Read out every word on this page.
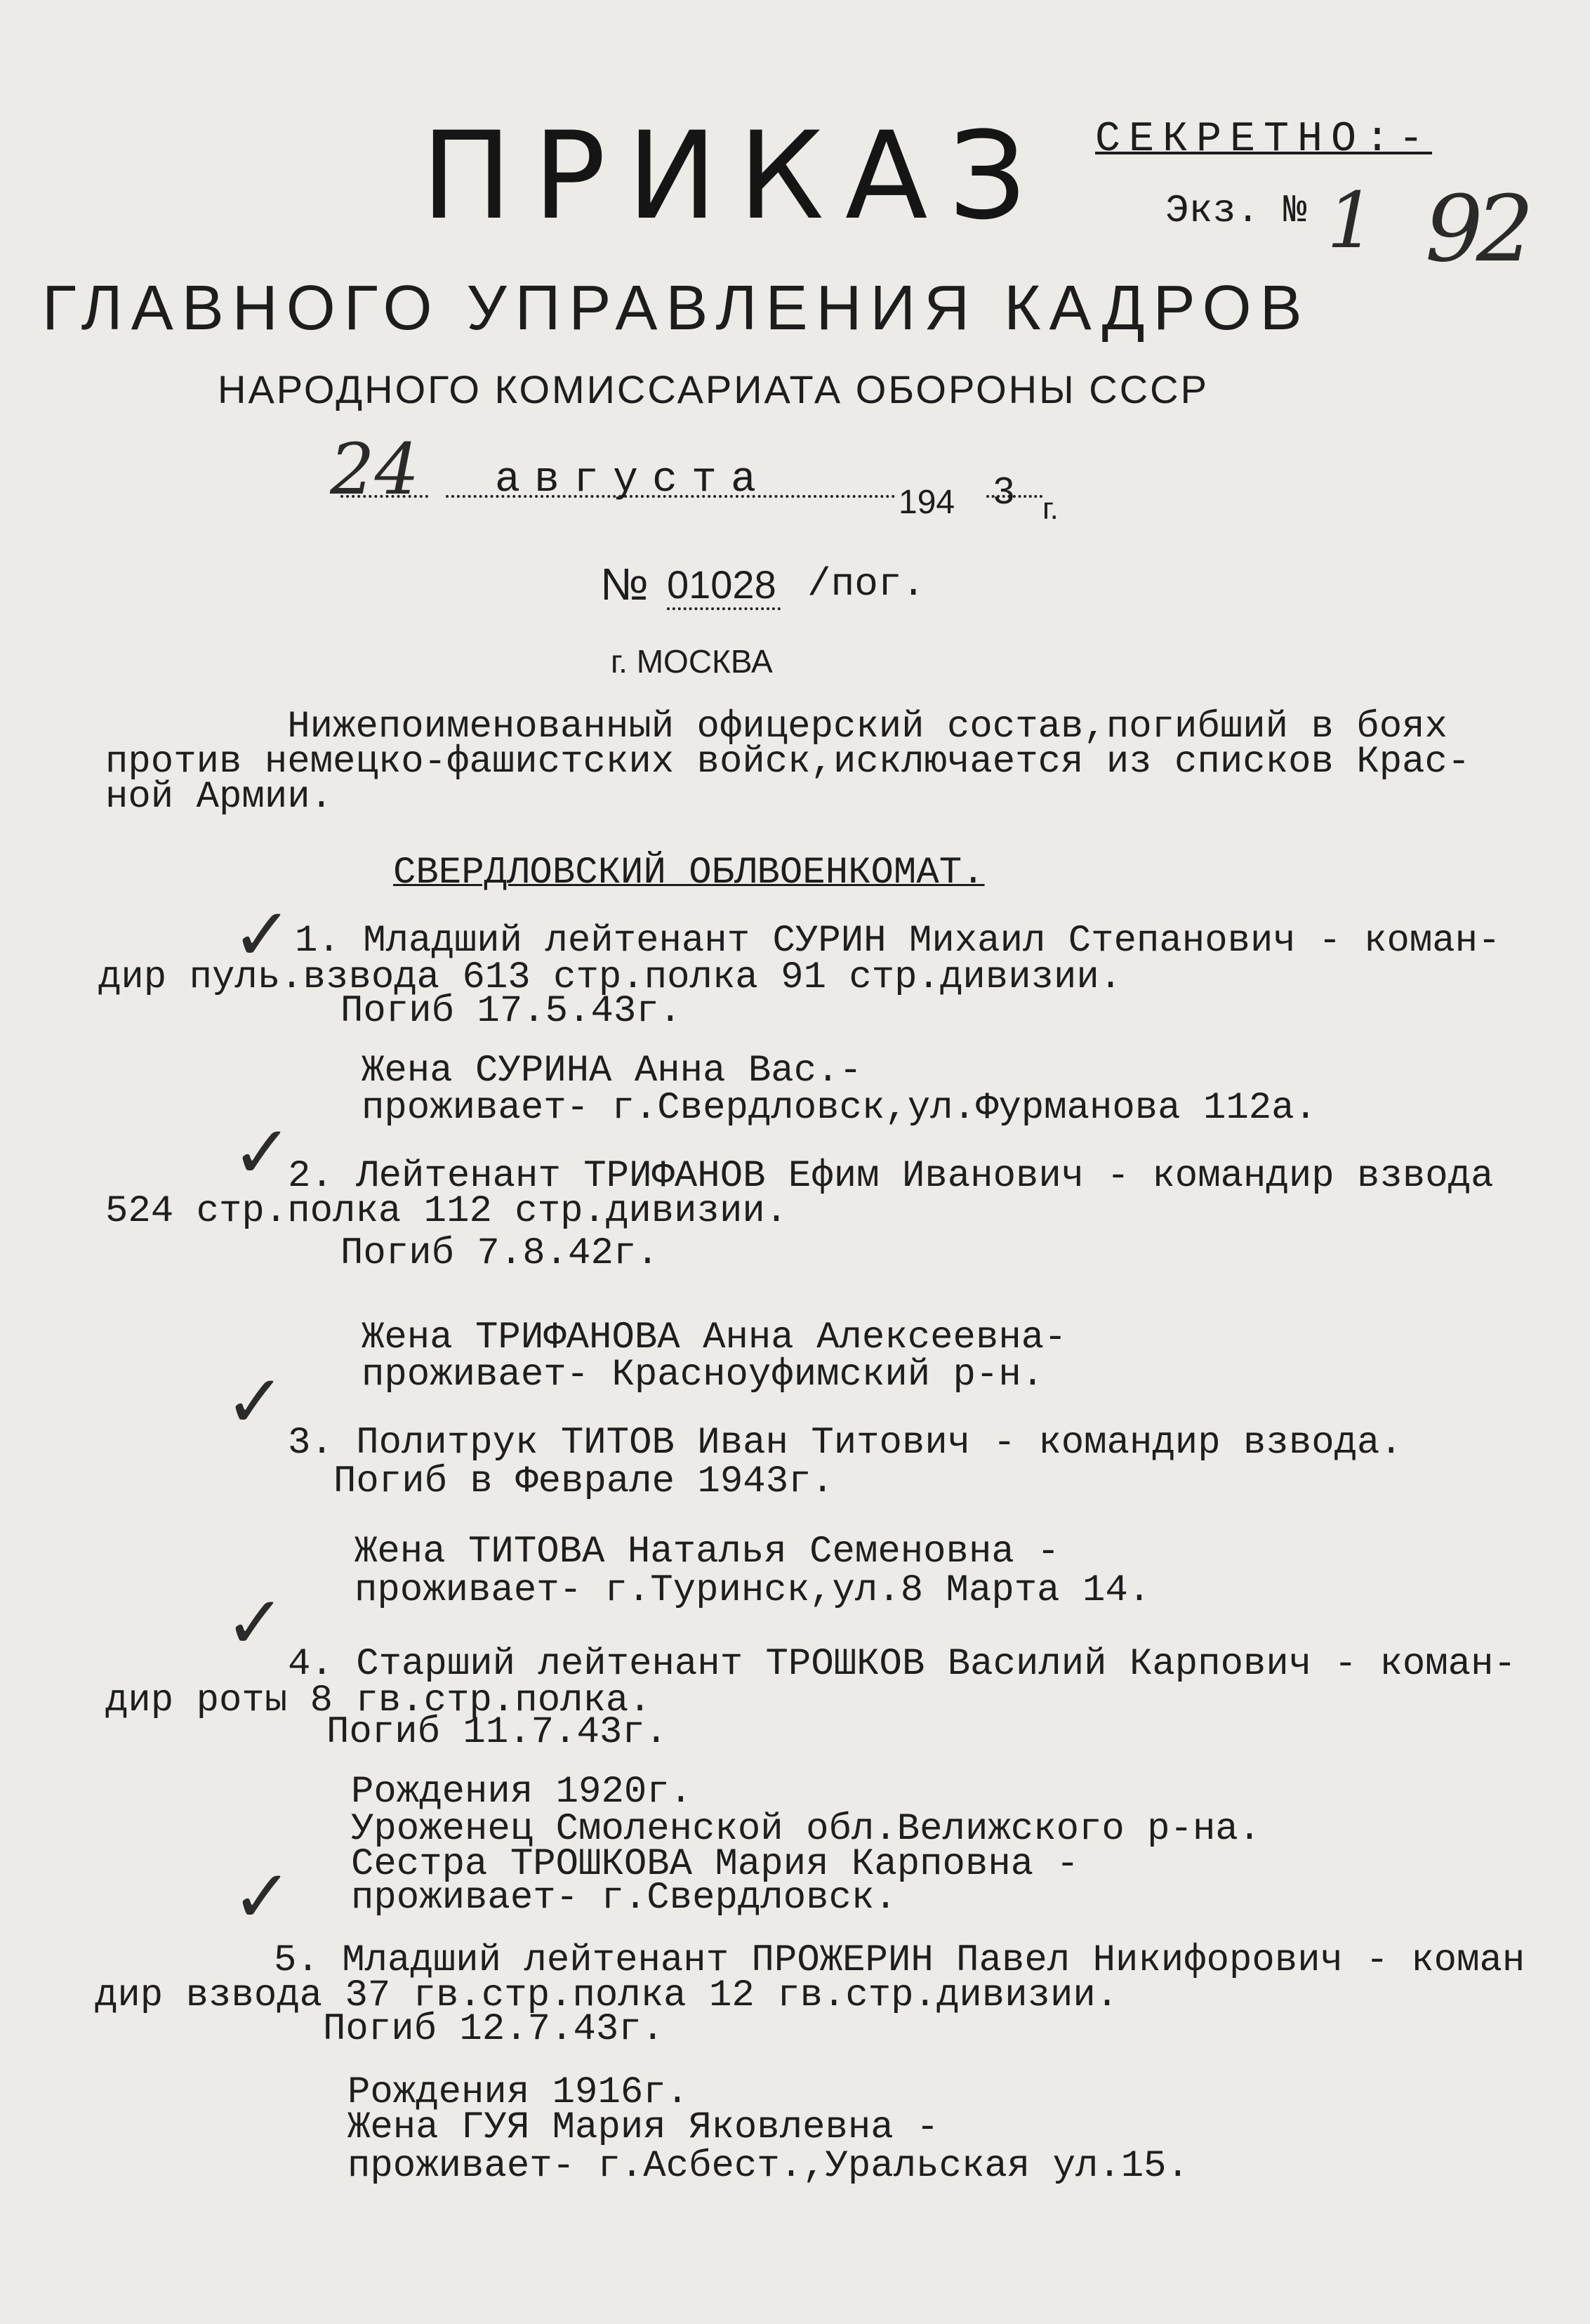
ПРИКАЗ СЕКРЕТНО:-
Экз. № 1 92
ГЛАВНОГО УПРАВЛЕНИЯ КАДРОВ
НАРОДНОГО КОМИССАРИАТА ОБОРОНЫ СССР
24 августа	194 3 г.
№ 01028 /пог.
г. МОСКВА
Нижепоименованный офицерский состав,погибший в боях
против немецко-фашистских войск,исключается из списков Крас-
ной Армии.
СВЕРДЛОВСКИЙ ОБЛВОЕНКОМАТ.
✓ 1. Младший лейтенант СУРИН Михаил Степанович - коман-
дир пуль.взвода 613 стр.полка 91 стр.дивизии.
Погиб 17.5.43г.
Жена СУРИНА Анна Вас.-
проживает- г.Свердловск,ул.Фурманова 112а.
✓
2. Лейтенант ТРИФАНОВ Ефим Иванович - командир взвода
524 стр.полка 112 стр.дивизии.
Погиб 7.8.42г.
Жена ТРИФАНОВА Анна Алексеевна-
проживает- Красноуфимский р-н.
✓ 3. Политрук ТИТОВ Иван Титович - командир взвода.
Погиб в Феврале 1943г.
Жена ТИТОВА Наталья Семеновна -
проживает- г.Туринск,ул.8 Марта 14.
✓ 4. Старший лейтенант ТРОШКОВ Василий Карпович - коман-
дир роты 8 гв.стр.полка.
Погиб 11.7.43г.
Рождения 1920г.
Уроженец Смоленской обл.Велижского р-на.
Сестра ТРОШКОВА Мария Карповна -
проживает- г.Свердловск.
✓
5. Младший лейтенант ПРОЖЕРИН Павел Никифорович - коман
дир взвода 37 гв.стр.полка 12 гв.стр.дивизии.
Погиб 12.7.43г.
Рождения 1916г.
Жена ГУЯ Мария Яковлевна -
проживает- г.Асбест.,Уральская ул.15.
